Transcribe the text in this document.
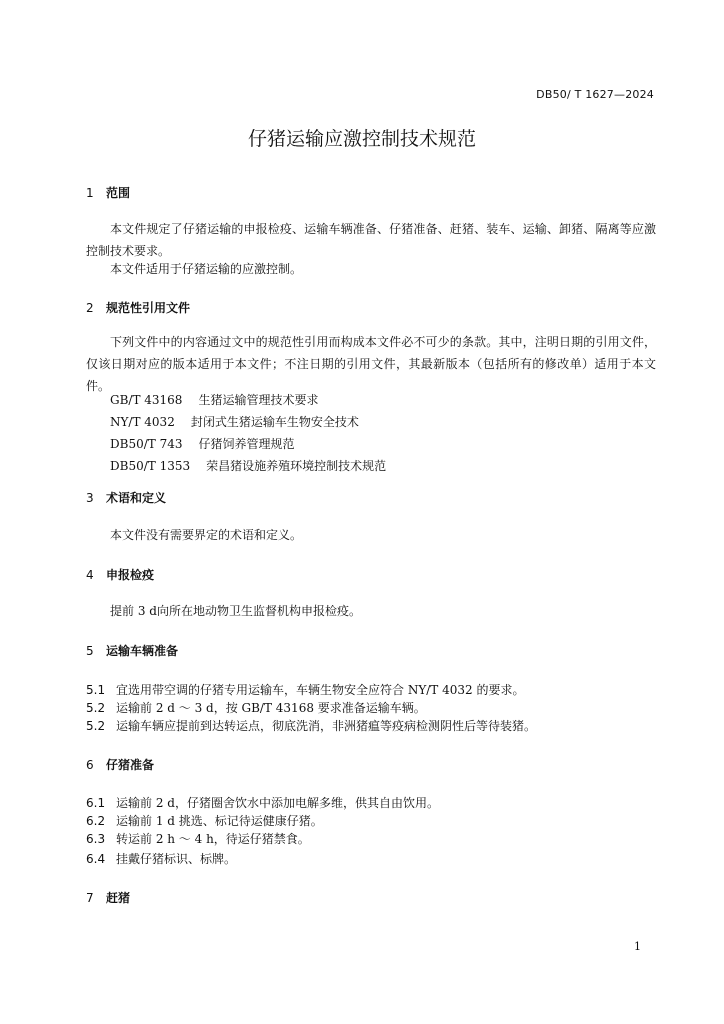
DB50/ T 1627—2024
仔猪运输应激控制技术规范
1 范围
本文件规定了仔猪运输的申报检疫、运输车辆准备、仔猪准备、赶猪、装车、运输、卸猪、隔离等应激控制技术要求。
本文件适用于仔猪运输的应激控制。
2 规范性引用文件
下列文件中的内容通过文中的规范性引用而构成本文件必不可少的条款。其中，注明日期的引用文件，仅该日期对应的版本适用于本文件；不注日期的引用文件，其最新版本（包括所有的修改单）适用于本文件。
GB/T 43168 生猪运输管理技术要求
NY/T 4032 封闭式生猪运输车生物安全技术
DB50/T 743 仔猪饲养管理规范
DB50/T 1353 荣昌猪设施养殖环境控制技术规范
3 术语和定义
本文件没有需要界定的术语和定义。
4 申报检疫
提前 3 d向所在地动物卫生监督机构申报检疫。
5 运输车辆准备
5.1 宜选用带空调的仔猪专用运输车，车辆生物安全应符合 NY/T 4032 的要求。
5.2 运输前 2 d ～ 3 d，按 GB/T 43168 要求准备运输车辆。
5.2 运输车辆应提前到达转运点，彻底洗消，非洲猪瘟等疫病检测阴性后等待装猪。
6 仔猪准备
6.1 运输前 2 d，仔猪圈舍饮水中添加电解多维，供其自由饮用。
6.2 运输前 1 d 挑选、标记待运健康仔猪。
6.3 转运前 2 h ～ 4 h，待运仔猪禁食。
6.4 挂戴仔猪标识、标牌。
7 赶猪
1
